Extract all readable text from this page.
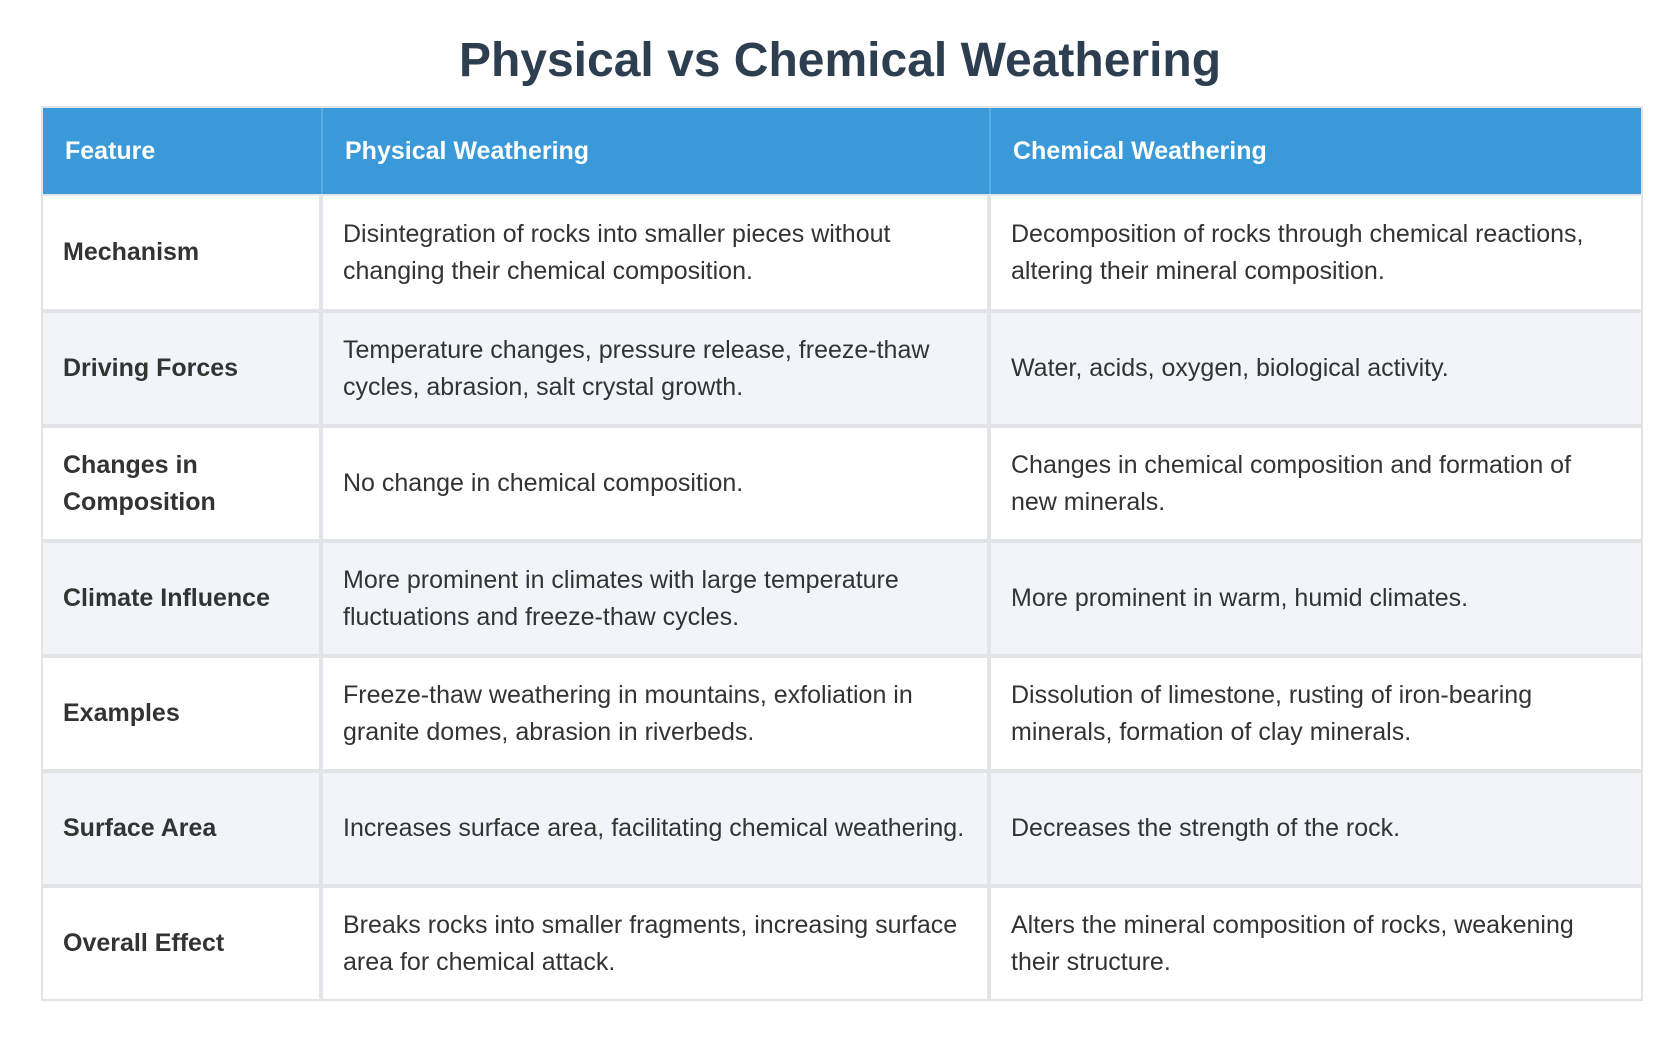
Physical vs Chemical Weathering
Feature	Physical Weathering	Chemical Weathering
Mechanism	Disintegration of rocks into smaller pieces without changing their chemical composition.	Decomposition of rocks through chemical reactions, altering their mineral composition.
Driving Forces	Temperature changes, pressure release, freeze-thaw cycles, abrasion, salt crystal growth.	Water, acids, oxygen, biological activity.
Changes in Composition	No change in chemical composition.	Changes in chemical composition and formation of new minerals.
Climate Influence	More prominent in climates with large temperature fluctuations and freeze-thaw cycles.	More prominent in warm, humid climates.
Examples	Freeze-thaw weathering in mountains, exfoliation in granite domes, abrasion in riverbeds.	Dissolution of limestone, rusting of iron-bearing minerals, formation of clay minerals.
Surface Area	Increases surface area, facilitating chemical weathering.	Decreases the strength of the rock.
Overall Effect	Breaks rocks into smaller fragments, increasing surface area for chemical attack.	Alters the mineral composition of rocks, weakening their structure.
